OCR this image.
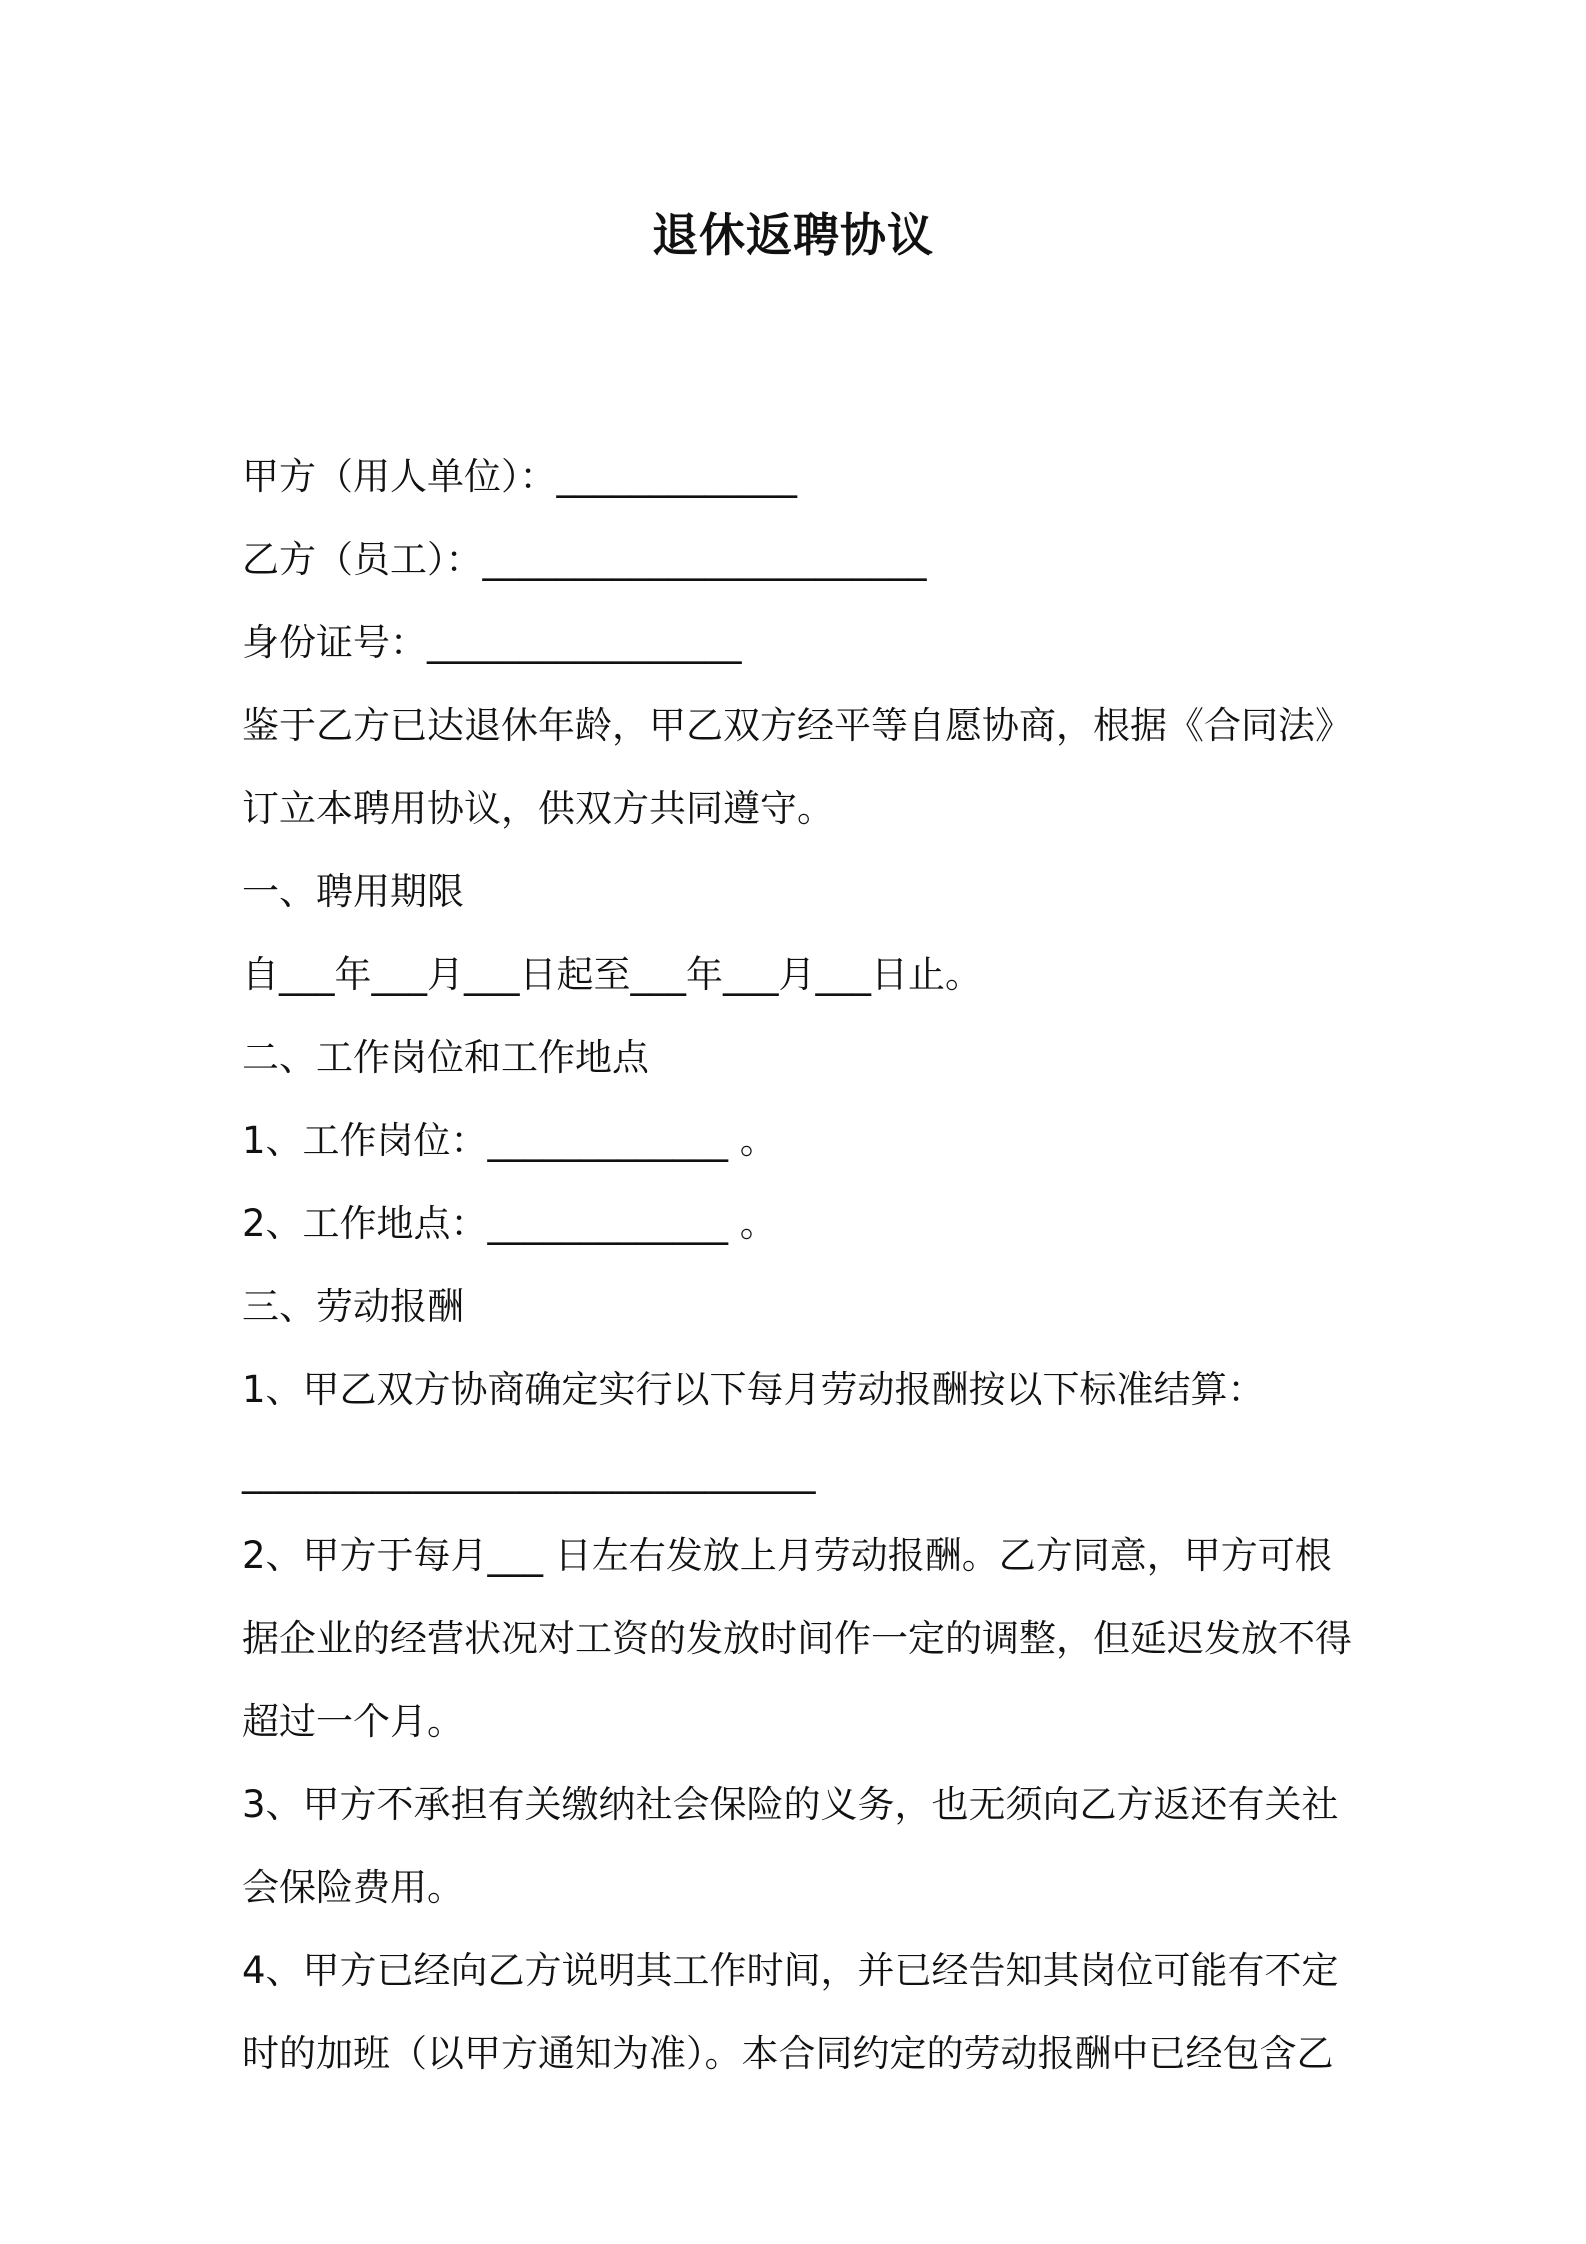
退休返聘协议
甲方（用人单位）：_____________
乙方（员工）：________________________
身份证号：_________________
鉴于乙方已达退休年龄，甲乙双方经平等自愿协商，根据《合同法》
订立本聘用协议，供双方共同遵守。
一、聘用期限
自___年___月___日起至___年___月___日止。
二、工作岗位和工作地点
1、工作岗位：_____________ 。
2、工作地点：_____________ 。
三、劳动报酬
1、甲乙双方协商确定实行以下每月劳动报酬按以下标准结算：
_______________________________
2、甲方于每月___ 日左右发放上月劳动报酬。乙方同意，甲方可根
据企业的经营状况对工资的发放时间作一定的调整，但延迟发放不得
超过一个月。
3、甲方不承担有关缴纳社会保险的义务，也无须向乙方返还有关社
会保险费用。
4、甲方已经向乙方说明其工作时间，并已经告知其岗位可能有不定
时的加班（以甲方通知为准）。本合同约定的劳动报酬中已经包含乙
